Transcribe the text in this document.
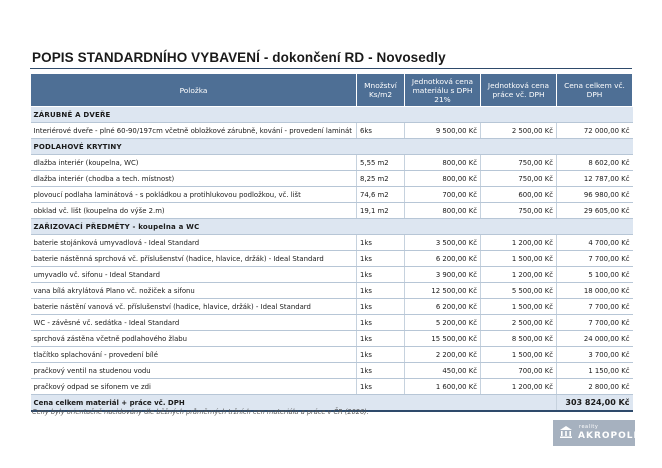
POPIS STANDARDNÍHO VYBAVENÍ - dokončení RD - Novosedly
Položka	Množství Ks/m2	Jednotková cena materiálu s DPH 21%	Jednotková cena práce vč. DPH	Cena celkem vč. DPH
ZÁRUBNĚ A DVEŘE				
Interiérové dveře - plné 60-90/197cm včetně obložkové zárubně, kování - provedení laminát	6ks	9 500,00 Kč	2 500,00 Kč	72 000,00 Kč
PODLAHOVÉ KRYTINY				
dlažba interiér (koupelna, WC)	5,55 m2	800,00 Kč	750,00 Kč	8 602,00 Kč
dlažba interiér (chodba a tech. místnost)	8,25 m2	800,00 Kč	750,00 Kč	12 787,00 Kč
plovoucí podlaha laminátová - s pokládkou a protihlukovou podložkou, vč. lišt	74,6 m2	700,00 Kč	600,00 Kč	96 980,00 Kč
obklad vč. lišt (koupelna do výše 2.m)	19,1 m2	800,00 Kč	750,00 Kč	29 605,00 Kč
ZAŘIZOVACÍ PŘEDMĚTY - koupelna a WC				
baterie stojánková umyvadlová - Ideal Standard	1ks	3 500,00 Kč	1 200,00 Kč	4 700,00 Kč
baterie nástěnná sprchová vč. příslušenství (hadice, hlavice, držák) - Ideal Standard	1ks	6 200,00 Kč	1 500,00 Kč	7 700,00 Kč
umyvadlo vč. sifonu - Ideal Standard	1ks	3 900,00 Kč	1 200,00 Kč	5 100,00 Kč
vana bílá akrylátová Plano vč. nožiček a sifonu	1ks	12 500,00 Kč	5 500,00 Kč	18 000,00 Kč
baterie nástění vanová vč. příslušenství (hadice, hlavice, držák) - Ideal Standard	1ks	6 200,00 Kč	1 500,00 Kč	7 700,00 Kč
WC - závěsné vč. sedátka - Ideal Standard	1ks	5 200,00 Kč	2 500,00 Kč	7 700,00 Kč
sprchová zástěna včetně podlahového žlabu	1ks	15 500,00 Kč	8 500,00 Kč	24 000,00 Kč
tlačítko splachování - provedení bílé	1ks	2 200,00 Kč	1 500,00 Kč	3 700,00 Kč
pračkový ventil na studenou vodu	1ks	450,00 Kč	700,00 Kč	1 150,00 Kč
pračkový odpad se sifonem ve zdi	1ks	1 600,00 Kč	1 200,00 Kč	2 800,00 Kč
Cena celkem materiál + práce vč. DPH				303 824,00 Kč
Ceny byly orientačně nacidovány dle běžných průměrných tržních cen materiálu a práce v ČR (2026).
reality
AKROPOLIS
